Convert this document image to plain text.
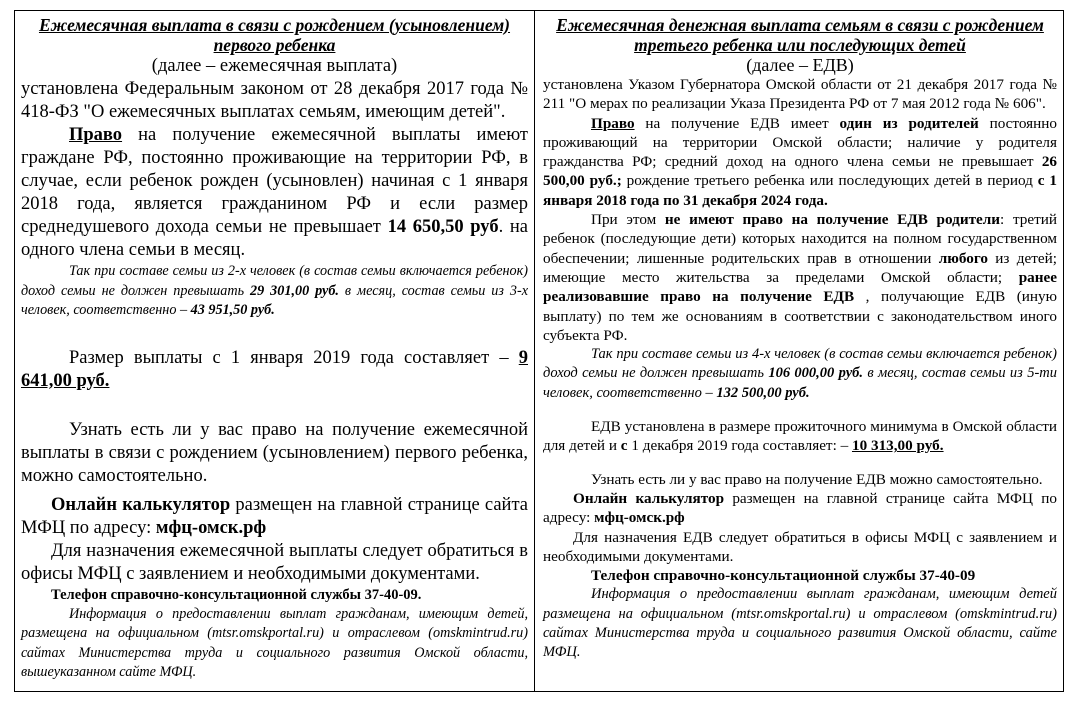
Ежемесячная выплата в связи с рождением (усыновлением) первого ребенка

(далее – ежемесячная выплата)

установлена Федеральным законом от 28 декабря 2017 года № 418-ФЗ "О ежемесячных выплатах семьям, имеющим детей".

Право на получение ежемесячной выплаты имеют граждане РФ, постоянно проживающие на территории РФ, в случае, если ребенок рожден (усыновлен) начиная с 1 января 2018 года, является гражданином РФ и если размер среднедушевого дохода семьи не превышает 14 650,50 руб. на одного члена семьи в месяц.

Так при составе семьи из 2-х человек (в состав семьи включается ребенок) доход семьи не должен превышать 29 301,00 руб. в месяц, состав семьи из 3-х человек, соответственно – 43 951,50 руб.

Размер выплаты с 1 января 2019 года составляет – 9 641,00 руб.

Узнать есть ли у вас право на получение ежемесячной выплаты в связи с рождением (усыновлением) первого ребенка, можно самостоятельно.

Онлайн калькулятор размещен на главной странице сайта МФЦ по адресу: мфц-омск.рф

Для назначения ежемесячной выплаты следует обратиться в офисы МФЦ с заявлением и необходимыми документами.

Телефон справочно-консультационной службы 37-40-09.

Информация о предоставлении выплат гражданам, имеющим детей, размещена на официальном (mtsr.omskportal.ru) и отраслевом (omskmintrud.ru) сайтах Министерства труда и социального развития Омской области, вышеуказанном сайте МФЦ.

Ежемесячная денежная выплата семьям в связи с рождением третьего ребенка или последующих детей

(далее – ЕДВ)

установлена Указом Губернатора Омской области от 21 декабря 2017 года № 211 "О мерах по реализации Указа Президента РФ от 7 мая 2012 года № 606".

Право на получение ЕДВ имеет один из родителей постоянно проживающий на территории Омской области; наличие у родителя гражданства РФ; средний доход на одного члена семьи не превышает 26 500,00 руб.; рождение третьего ребенка или последующих детей в период с 1 января 2018 года по 31 декабря 2024 года.

При этом не имеют право на получение ЕДВ родители: третий ребенок (последующие дети) которых находится на полном государственном обеспечении; лишенные родительских прав в отношении любого из детей; имеющие место жительства за пределами Омской области; ранее реализовавшие право на получение ЕДВ , получающие ЕДВ (иную выплату) по тем же основаниям в соответствии с законодательством иного субъекта РФ.

Так при составе семьи из 4-х человек (в состав семьи включается ребенок) доход семьи не должен превышать 106 000,00 руб. в месяц, состав семьи из 5-ти человек, соответственно – 132 500,00 руб.

ЕДВ установлена в размере прожиточного минимума в Омской области для детей и с 1 декабря 2019 года составляет: – 10 313,00 руб.

Узнать есть ли у вас право на получение ЕДВ можно самостоятельно.

Онлайн калькулятор размещен на главной странице сайта МФЦ по адресу: мфц-омск.рф

Для назначения ЕДВ следует обратиться в офисы МФЦ с заявлением и необходимыми документами.

Телефон справочно-консультационной службы 37-40-09

Информация о предоставлении выплат гражданам, имеющим детей размещена на официальном (mtsr.omskportal.ru) и отраслевом (omskmintrud.ru) сайтах Министерства труда и социального развития Омской области, сайте МФЦ.
